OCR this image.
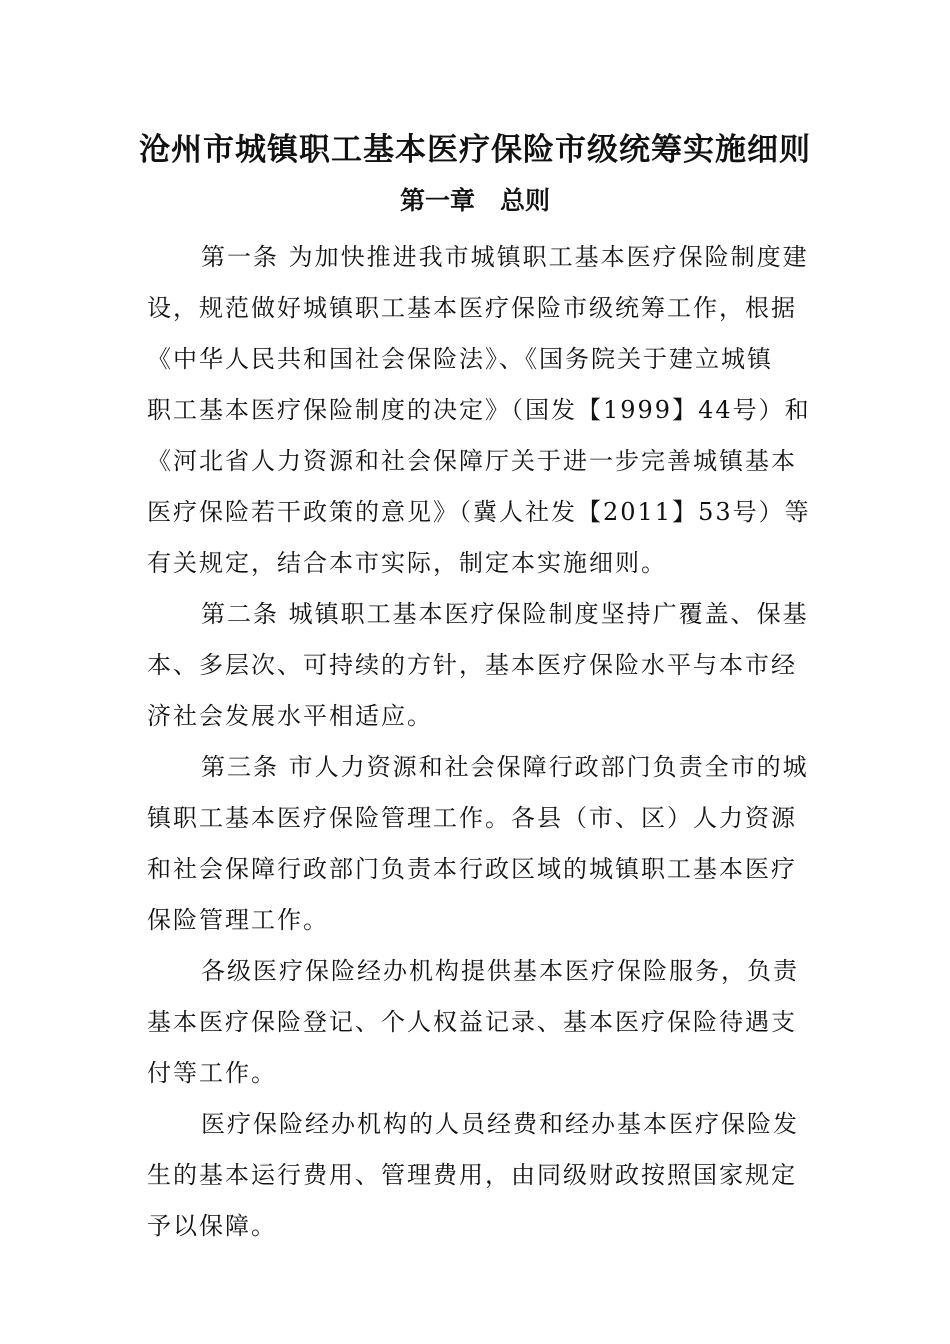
沧州市城镇职工基本医疗保险市级统筹实施细则
第一章　总则

第一条 为加快推进我市城镇职工基本医疗保险制度建
设，规范做好城镇职工基本医疗保险市级统筹工作，根据
《中华人民共和国社会保险法》、《国务院关于建立城镇
职工基本医疗保险制度的决定》（国发【1999】44号）和
《河北省人力资源和社会保障厅关于进一步完善城镇基本
医疗保险若干政策的意见》（冀人社发【2011】53号）等
有关规定，结合本市实际，制定本实施细则。

第二条 城镇职工基本医疗保险制度坚持广覆盖、保基
本、多层次、可持续的方针，基本医疗保险水平与本市经
济社会发展水平相适应。

第三条 市人力资源和社会保障行政部门负责全市的城
镇职工基本医疗保险管理工作。各县（市、区）人力资源
和社会保障行政部门负责本行政区域的城镇职工基本医疗
保险管理工作。

各级医疗保险经办机构提供基本医疗保险服务，负责
基本医疗保险登记、个人权益记录、基本医疗保险待遇支
付等工作。

医疗保险经办机构的人员经费和经办基本医疗保险发
生的基本运行费用、管理费用，由同级财政按照国家规定
予以保障。
